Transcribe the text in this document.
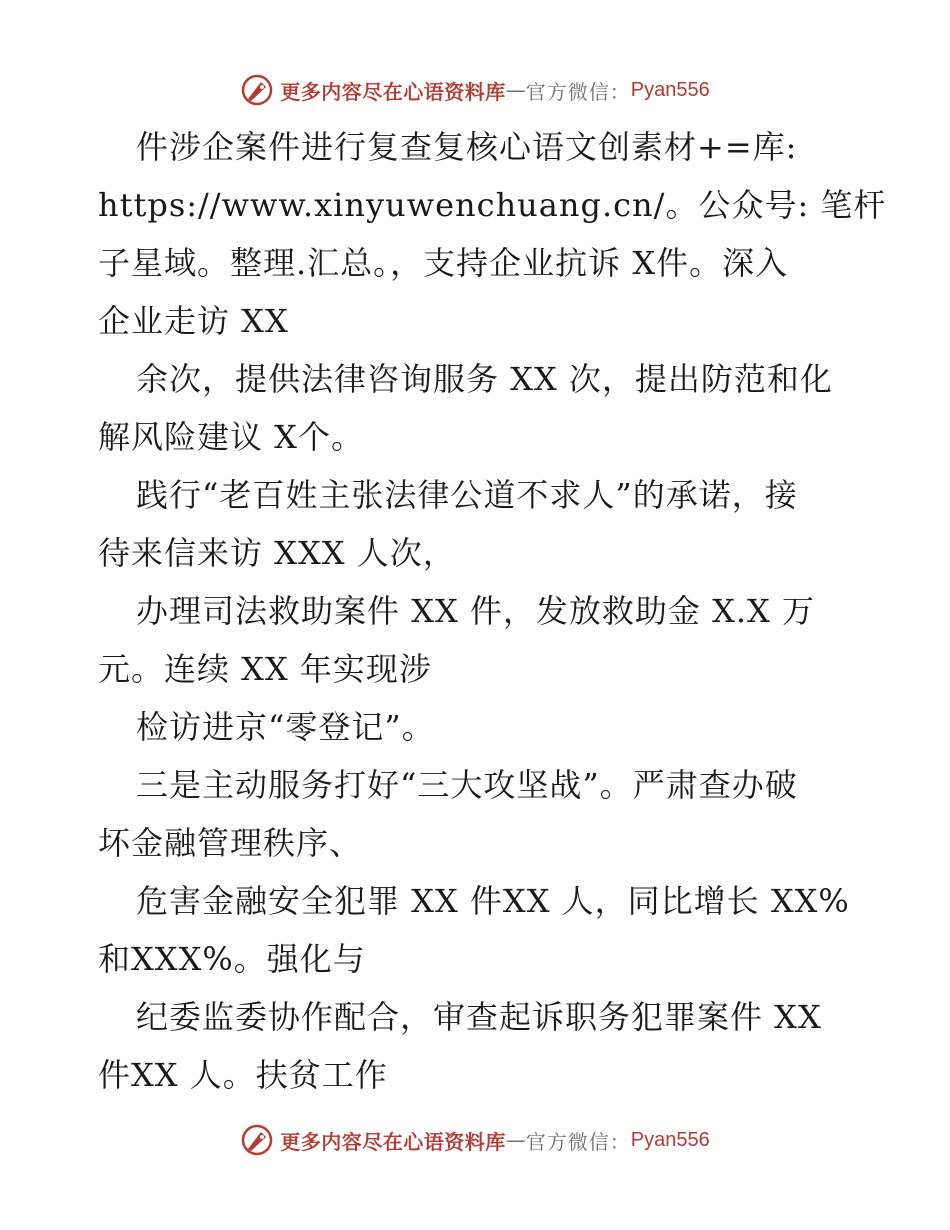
更多内容尽在心语资料库 — 官方微信： Pyan556
件涉企案件进行复查复核心语文创素材+=库:
https://www.xinyuwenchuang.cn/。公众号: 笔杆
子星域。整理.汇总。，支持企业抗诉 X件。深入
企业走访 XX
余次，提供法律咨询服务 XX 次，提出防范和化
解风险建议 X个。
践行“老百姓主张法律公道不求人”的承诺，接
待来信来访 XXX 人次，
办理司法救助案件 XX 件，发放救助金 X.X 万
元。连续 XX 年实现涉
检访进京“零登记”。
三是主动服务打好“三大攻坚战”。严肃查办破
坏金融管理秩序、
危害金融安全犯罪 XX 件XX 人，同比增长 XX%
和XXX%。强化与
纪委监委协作配合，审查起诉职务犯罪案件 XX
件XX 人。扶贫工作
更多内容尽在心语资料库 — 官方微信： Pyan556
